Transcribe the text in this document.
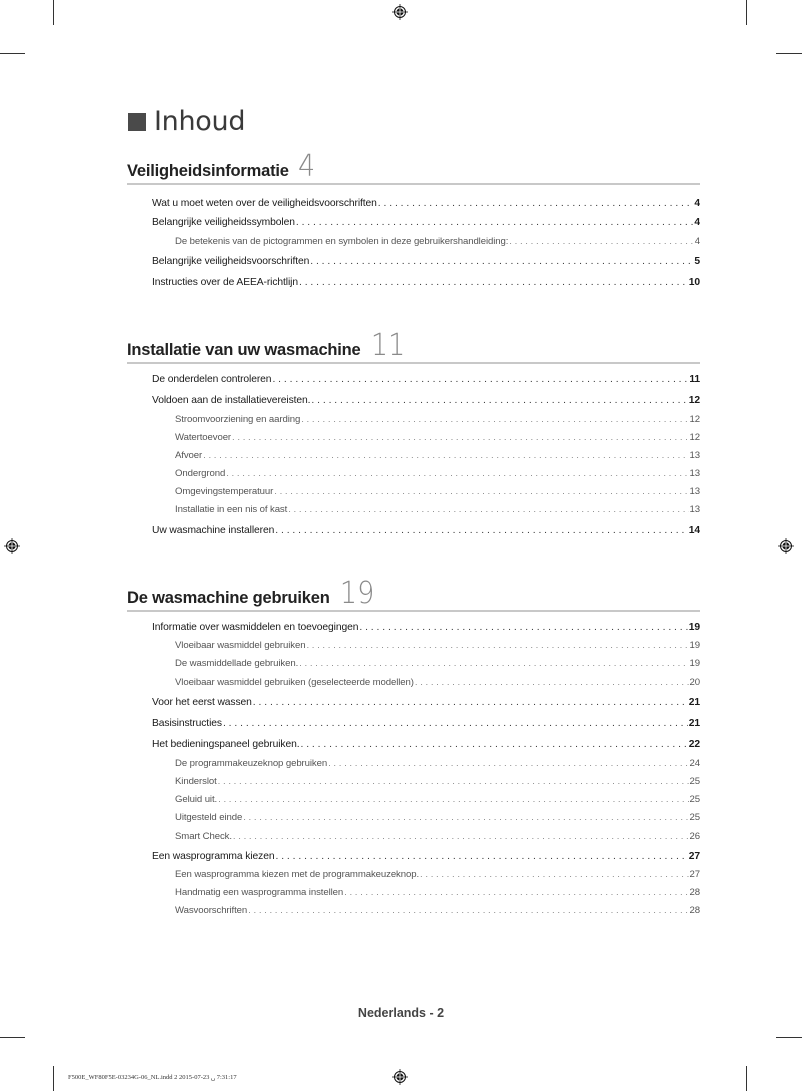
Inhoud
Veiligheidsinformatie 4
Wat u moet weten over de veiligheidsvoorschriften . . .	4
Belangrijke veiligheidssymbolen . . .	4
De betekenis van de pictogrammen en symbolen in deze gebruikershandleiding: . . .	4
Belangrijke veiligheidsvoorschriften . . .	5
Instructies over de AEEA-richtlijn . . .	10
Installatie van uw wasmachine 11
De onderdelen controleren . . .	11
Voldoen aan de installatievereisten. . . .	12
Stroomvoorziening en aarding . . .	12
Watertoevoer . . .	12
Afvoer . . .	13
Ondergrond . . .	13
Omgevingstemperatuur . . .	13
Installatie in een nis of kast . . .	13
Uw wasmachine installeren . . .	14
De wasmachine gebruiken 19
Informatie over wasmiddelen en toevoegingen . . .	19
Vloeibaar wasmiddel gebruiken . . .	19
De wasmiddellade gebruiken. . . .	19
Vloeibaar wasmiddel gebruiken (geselecteerde modellen) . . .	20
Voor het eerst wassen . . .	21
Basisinstructies . . .	21
Het bedieningspaneel gebruiken. . . .	22
De programmakeuzeknop gebruiken . . .	24
Kinderslot . . .	25
Geluid uit. . . .	25
Uitgesteld einde . . .	25
Smart Check. . . .	26
Een wasprogramma kiezen . . .	27
Een wasprogramma kiezen met de programmakeuzeknop. . . .	27
Handmatig een wasprogramma instellen . . .	28
Wasvoorschriften . . .	28
Nederlands - 2
F500E_WF80F5E-03234G-06_NL.indd 2 2015-07-23 ␣ 7:31:17
